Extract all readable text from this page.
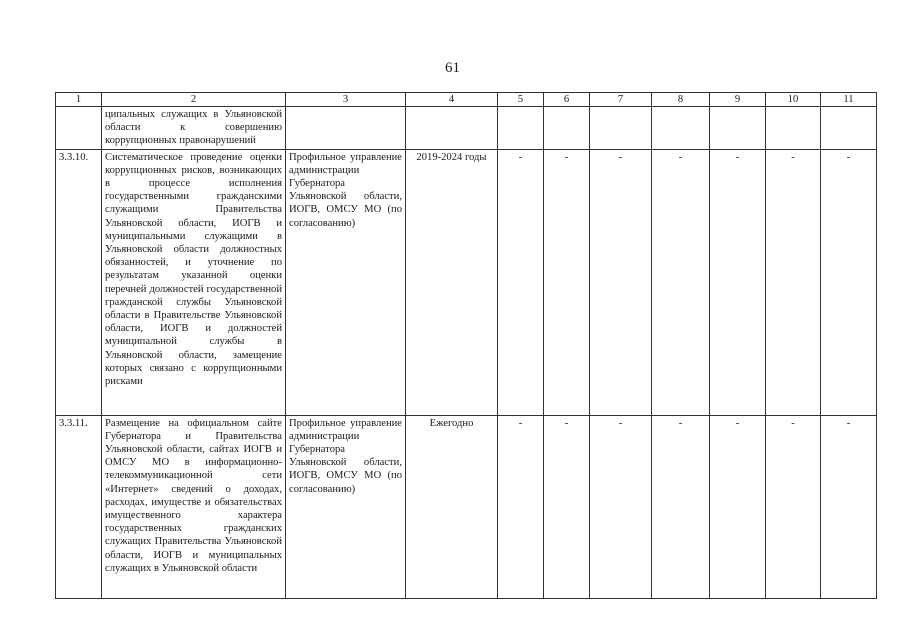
61
1	2	3	4	5	6	7	8	9	10	11
	ципальных служащих в Ульяновской области к совершению коррупционных правонарушений									
3.3.10.	Систематическое проведение оценки коррупционных рисков, возникающих в процессе исполнения государственными гражданскими служащими Правительства Ульяновской области, ИОГВ и муниципальными служащими в Ульяновской области должностных обязанностей, и уточнение по результатам указанной оценки перечней должностей государственной гражданской службы Ульяновской области в Правительстве Ульяновской области, ИОГВ и должностей муниципальной службы в Ульяновской области, замещение которых связано с коррупционными рисками	Профильное управление администрации Губернатора Ульяновской области, ИОГВ, ОМСУ МО (по согласованию)	2019-2024 годы	-	-	-	-	-	-	-
3.3.11.	Размещение на официальном сайте Губернатора и Правительства Ульяновской области, сайтах ИОГВ и ОМСУ МО в информационно-телекоммуникационной сети «Интернет» сведений о доходах, расходах, имуществе и обязательствах имущественного характера государственных гражданских служащих Правительства Ульяновской области, ИОГВ и муниципальных служащих в Ульяновской области	Профильное управление администрации Губернатора Ульяновской области, ИОГВ, ОМСУ МО (по согласованию)	Ежегодно	-	-	-	-	-	-	-
